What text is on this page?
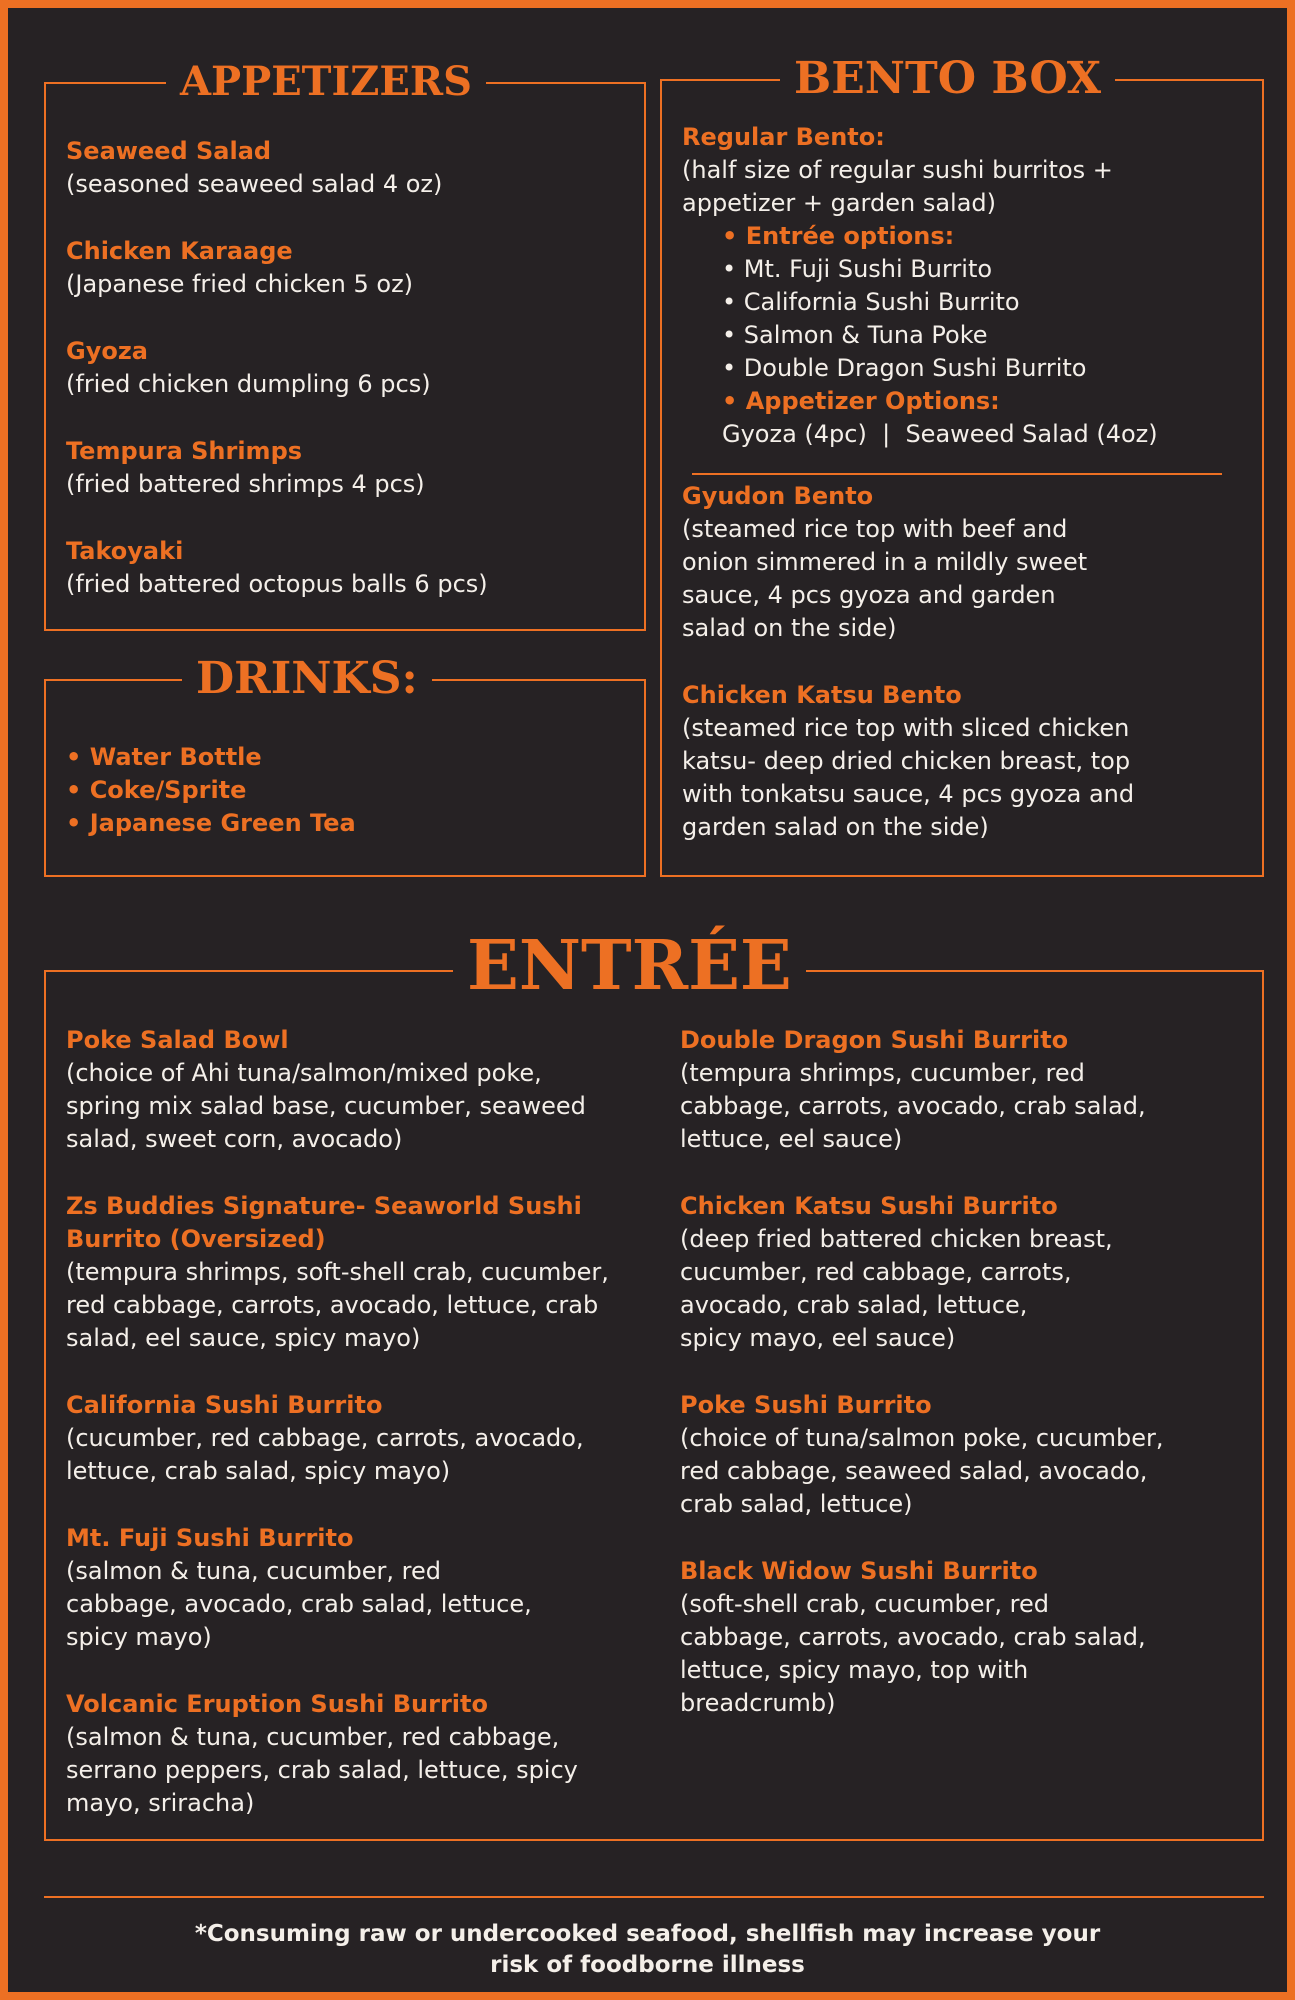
APPETIZERS
Seaweed Salad
(seasoned seaweed salad 4 oz)
Chicken Karaage
(Japanese fried chicken 5 oz)
Gyoza
(fried chicken dumpling 6 pcs)
Tempura Shrimps
(fried battered shrimps 4 pcs)
Takoyaki
(fried battered octopus balls 6 pcs)
DRINKS:
• Water Bottle
• Coke/Sprite
• Japanese Green Tea
BENTO BOX
Regular Bento:
(half size of regular sushi burritos +
appetizer + garden salad)
• Entrée options:
• Mt. Fuji Sushi Burrito
• California Sushi Burrito
• Salmon & Tuna Poke
• Double Dragon Sushi Burrito
• Appetizer Options:
Gyoza (4pc)  |  Seaweed Salad (4oz)
Gyudon Bento
(steamed rice top with beef and
onion simmered in a mildly sweet
sauce, 4 pcs gyoza and garden
salad on the side)
Chicken Katsu Bento
(steamed rice top with sliced chicken
katsu- deep dried chicken breast, top
with tonkatsu sauce, 4 pcs gyoza and
garden salad on the side)
ENTRÉE
Poke Salad Bowl
(choice of Ahi tuna/salmon/mixed poke,
spring mix salad base, cucumber, seaweed
salad, sweet corn, avocado)
Zs Buddies Signature- Seaworld Sushi
Burrito (Oversized)
(tempura shrimps, soft-shell crab, cucumber,
red cabbage, carrots, avocado, lettuce, crab
salad, eel sauce, spicy mayo)
California Sushi Burrito
(cucumber, red cabbage, carrots, avocado,
lettuce, crab salad, spicy mayo)
Mt. Fuji Sushi Burrito
(salmon & tuna, cucumber, red
cabbage, avocado, crab salad, lettuce,
spicy mayo)
Volcanic Eruption Sushi Burrito
(salmon & tuna, cucumber, red cabbage,
serrano peppers, crab salad, lettuce, spicy
mayo, sriracha)
Double Dragon Sushi Burrito
(tempura shrimps, cucumber, red
cabbage, carrots, avocado, crab salad,
lettuce, eel sauce)
Chicken Katsu Sushi Burrito
(deep fried battered chicken breast,
cucumber, red cabbage, carrots,
avocado, crab salad, lettuce,
spicy mayo, eel sauce)
Poke Sushi Burrito
(choice of tuna/salmon poke, cucumber,
red cabbage, seaweed salad, avocado,
crab salad, lettuce)
Black Widow Sushi Burrito
(soft-shell crab, cucumber, red
cabbage, carrots, avocado, crab salad,
lettuce, spicy mayo, top with
breadcrumb)
*Consuming raw or undercooked seafood, shellfish may increase your
risk of foodborne illness
